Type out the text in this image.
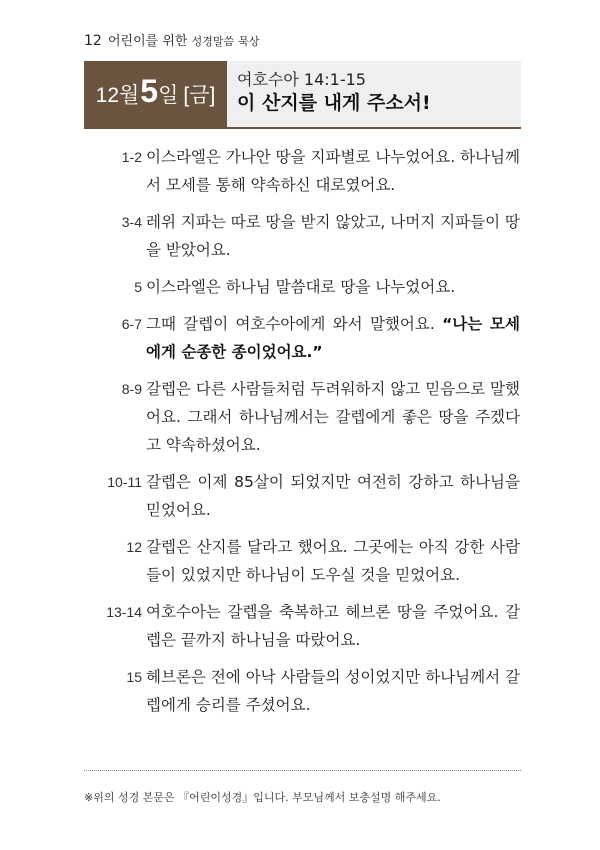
12 어린이를 위한 성경말씀 묵상
12월 5 일 [금]
여호수아 14:1-15
이 산지를 내게 주소서!
1-2 이스라엘은 가나안 땅을 지파별로 나누었어요. 하나님께서 모세를 통해 약속하신 대로였어요.
3-4 레위 지파는 따로 땅을 받지 않았고, 나머지 지파들이 땅을 받았어요.
5 이스라엘은 하나님 말씀대로 땅을 나누었어요.
6-7 그때 갈렙이 여호수아에게 와서 말했어요. “나는 모세에게 순종한 종이었어요.”
8-9 갈렙은 다른 사람들처럼 두려워하지 않고 믿음으로 말했어요. 그래서 하나님께서는 갈렙에게 좋은 땅을 주겠다고 약속하셨어요.
10-11 갈렙은 이제 85살이 되었지만 여전히 강하고 하나님을 믿었어요.
12 갈렙은 산지를 달라고 했어요. 그곳에는 아직 강한 사람들이 있었지만 하나님이 도우실 것을 믿었어요.
13-14 여호수아는 갈렙을 축복하고 헤브론 땅을 주었어요. 갈렙은 끝까지 하나님을 따랐어요.
15 헤브론은 전에 아낙 사람들의 성이었지만 하나님께서 갈렙에게 승리를 주셨어요.
※위의 성경 본문은 『어린이성경』입니다. 부모님께서 보충설명 해주세요.
